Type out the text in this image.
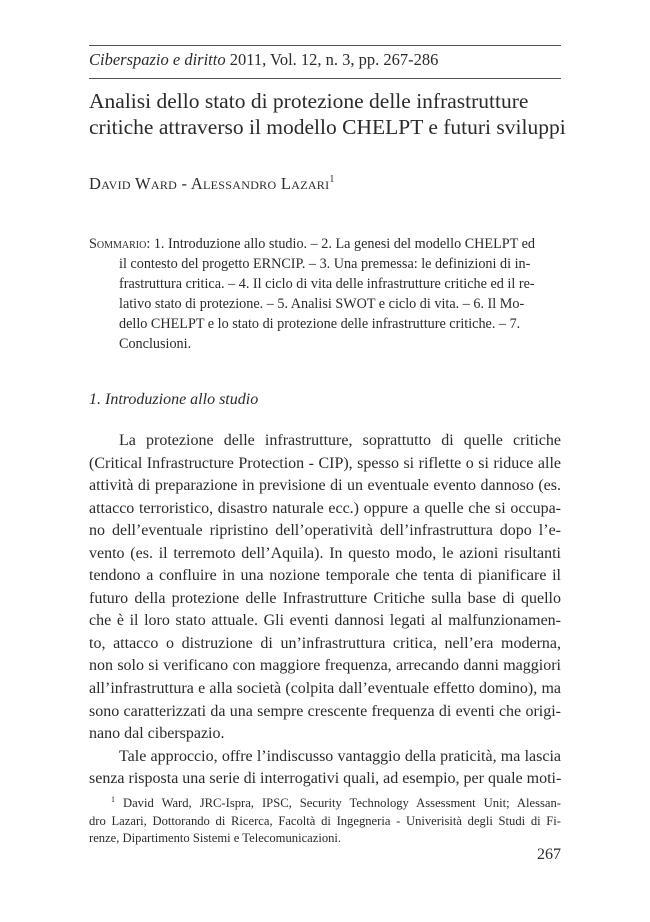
Ciberspazio e diritto 2011, Vol. 12, n. 3, pp. 267-286
Analisi dello stato di protezione delle infrastrutture
critiche attraverso il modello CHELPT e futuri sviluppi
David Ward - Alessandro Lazari$^1$
Sommario: 1. Introduzione allo studio. – 2. La genesi del modello CHELPT ed
il contesto del progetto ERNCIP. – 3. Una premessa: le definizioni di in-
frastruttura critica. – 4. Il ciclo di vita delle infrastrutture critiche ed il re-
lativo stato di protezione. – 5. Analisi SWOT e ciclo di vita. – 6. Il Mo-
dello CHELPT e lo stato di protezione delle infrastrutture critiche. – 7.
Conclusioni.
1. Introduzione allo studio
La protezione delle infrastrutture, soprattutto di quelle critiche
(Critical Infrastructure Protection - CIP), spesso si riflette o si riduce alle
attività di preparazione in previsione di un eventuale evento dannoso (es.
attacco terroristico, disastro naturale ecc.) oppure a quelle che si occupa-
no dell’eventuale ripristino dell’operatività dell’infrastruttura dopo l’e-
vento (es. il terremoto dell’Aquila). In questo modo, le azioni risultanti
tendono a confluire in una nozione temporale che tenta di pianificare il
futuro della protezione delle Infrastrutture Critiche sulla base di quello
che è il loro stato attuale. Gli eventi dannosi legati al malfunzionamen-
to, attacco o distruzione di un’infrastruttura critica, nell’era moderna,
non solo si verificano con maggiore frequenza, arrecando danni maggiori
all’infrastruttura e alla società (colpita dall’eventuale effetto domino), ma
sono caratterizzati da una sempre crescente frequenza di eventi che origi-
nano dal ciberspazio.
Tale approccio, offre l’indiscusso vantaggio della praticità, ma lascia
senza risposta una serie di interrogativi quali, ad esempio, per quale moti-
$^1$ David Ward, JRC-Ispra, IPSC, Security Technology Assessment Unit; Alessan-
dro Lazari, Dottorando di Ricerca, Facoltà di Ingegneria - Univerisità degli Studi di Fi-
renze, Dipartimento Sistemi e Telecomunicazioni.
267
